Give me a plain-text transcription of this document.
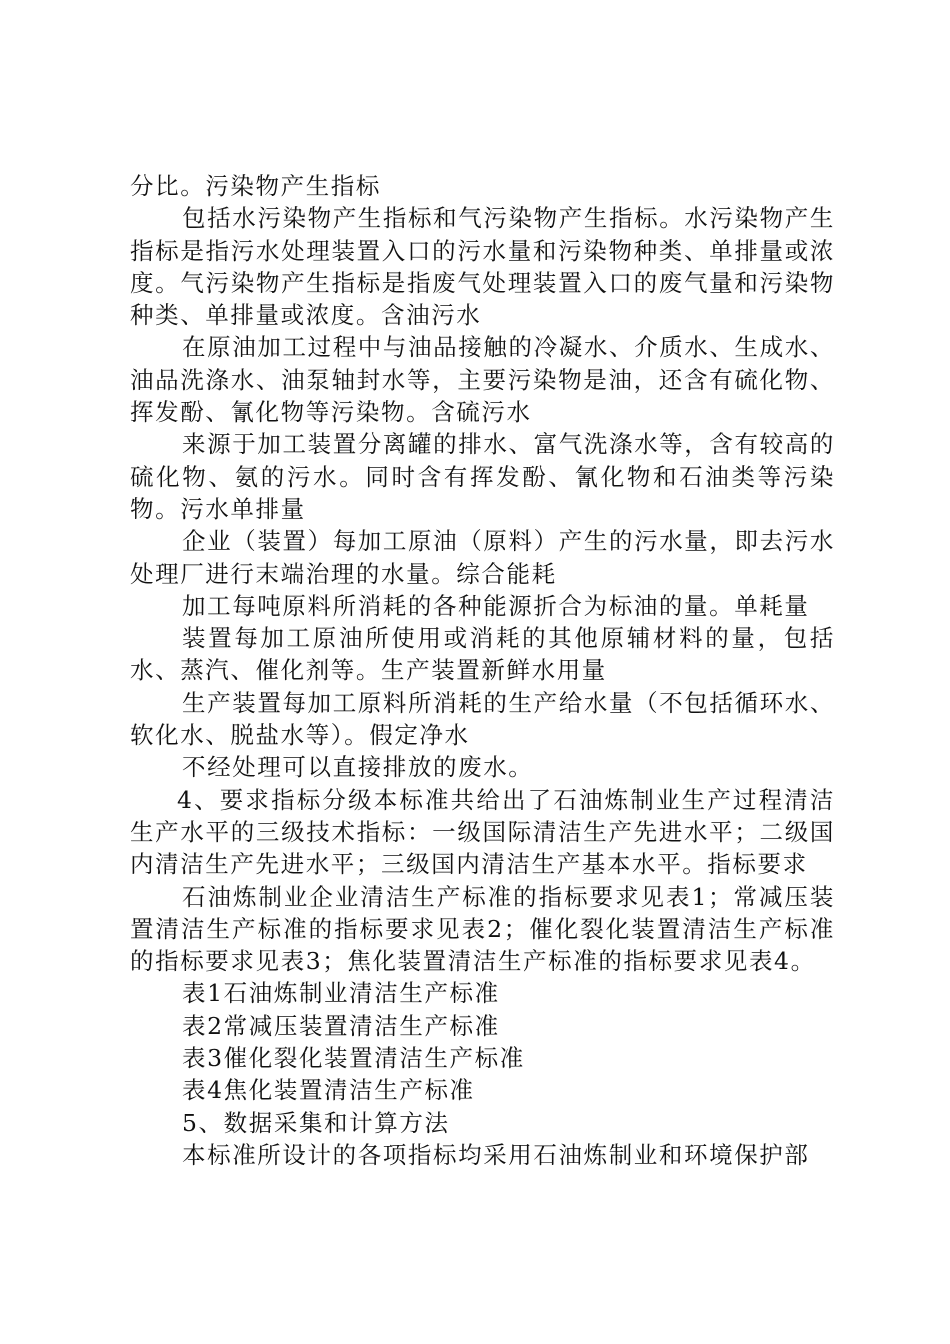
分比。污染物产生指标

包括水污染物产生指标和气污染物产生指标。水污染物产生指标是指污水处理装置入口的污水量和污染物种类、单排量或浓度。气污染物产生指标是指废气处理装置入口的废气量和污染物种类、单排量或浓度。含油污水

在原油加工过程中与油品接触的冷凝水、介质水、生成水、油品洗涤水、油泵轴封水等，主要污染物是油，还含有硫化物、挥发酚、氰化物等污染物。含硫污水

来源于加工装置分离罐的排水、富气洗涤水等，含有较高的硫化物、氨的污水。同时含有挥发酚、氰化物和石油类等污染物。污水单排量

企业（装置）每加工原油（原料）产生的污水量，即去污水处理厂进行末端治理的水量。综合能耗

加工每吨原料所消耗的各种能源折合为标油的量。单耗量

装置每加工原油所使用或消耗的其他原辅材料的量，包括水、蒸汽、催化剂等。生产装置新鲜水用量

生产装置每加工原料所消耗的生产给水量（不包括循环水、软化水、脱盐水等）。假定净水

不经处理可以直接排放的废水。

4、要求指标分级本标准共给出了石油炼制业生产过程清洁生产水平的三级技术指标：一级国际清洁生产先进水平；二级国内清洁生产先进水平；三级国内清洁生产基本水平。指标要求

石油炼制业企业清洁生产标准的指标要求见表1；常减压装置清洁生产标准的指标要求见表2；催化裂化装置清洁生产标准的指标要求见表3；焦化装置清洁生产标准的指标要求见表4。

表1石油炼制业清洁生产标准

表2常减压装置清洁生产标准

表3催化裂化装置清洁生产标准

表4焦化装置清洁生产标准

5、数据采集和计算方法

本标准所设计的各项指标均采用石油炼制业和环境保护部
